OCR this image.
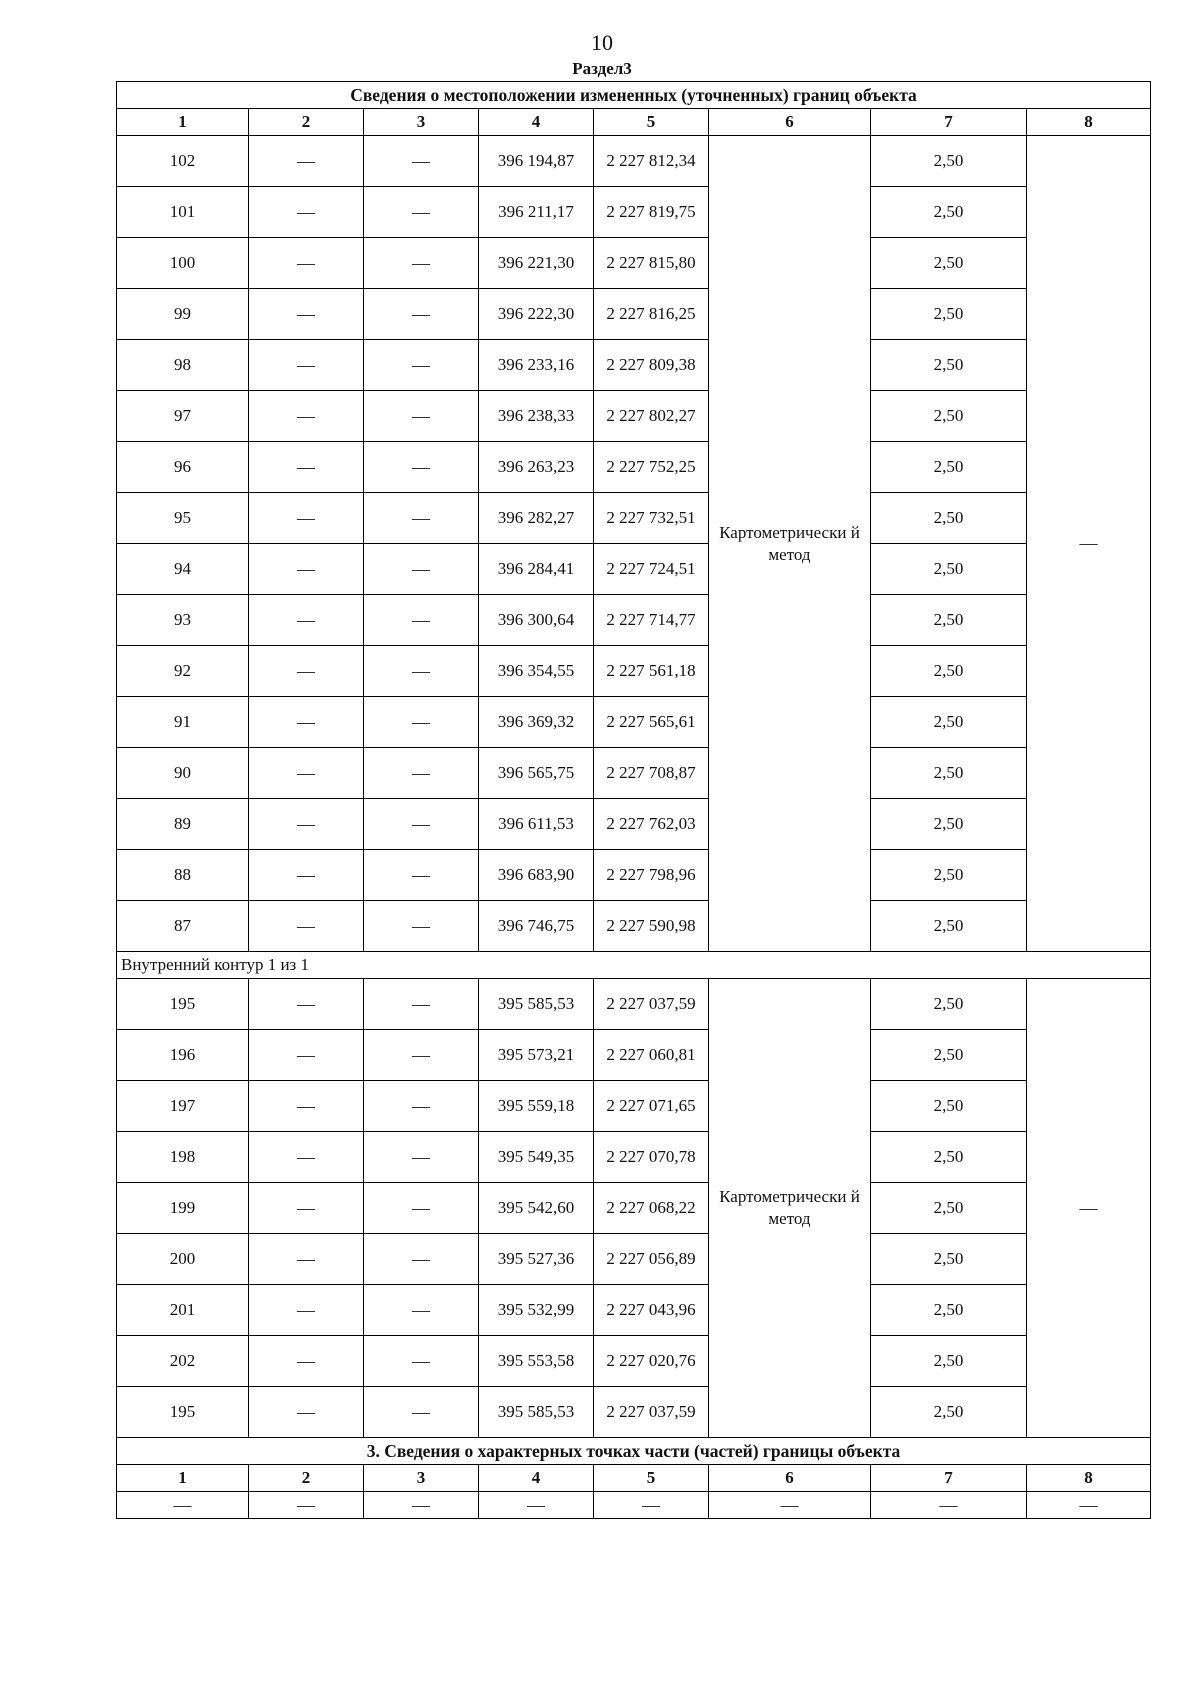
10
Раздел3
Сведения о местоположении измененных (уточненных) границ объекта							
1	2	3	4	5	6	7	8
102	—	—	396 194,87	2 227 812,34	Картометрически й метод	2,50	—
101	—	—	396 211,17	2 227 819,75		2,50	
100	—	—	396 221,30	2 227 815,80		2,50	
99	—	—	396 222,30	2 227 816,25		2,50	
98	—	—	396 233,16	2 227 809,38		2,50	
97	—	—	396 238,33	2 227 802,27		2,50	
96	—	—	396 263,23	2 227 752,25		2,50	
95	—	—	396 282,27	2 227 732,51		2,50	
94	—	—	396 284,41	2 227 724,51		2,50	
93	—	—	396 300,64	2 227 714,77		2,50	
92	—	—	396 354,55	2 227 561,18		2,50	
91	—	—	396 369,32	2 227 565,61		2,50	
90	—	—	396 565,75	2 227 708,87		2,50	
89	—	—	396 611,53	2 227 762,03		2,50	
88	—	—	396 683,90	2 227 798,96		2,50	
87	—	—	396 746,75	2 227 590,98		2,50	
Внутренний контур 1 из 1							
195	—	—	395 585,53	2 227 037,59	Картометрически й метод	2,50	—
196	—	—	395 573,21	2 227 060,81		2,50	
197	—	—	395 559,18	2 227 071,65		2,50	
198	—	—	395 549,35	2 227 070,78		2,50	
199	—	—	395 542,60	2 227 068,22		2,50	
200	—	—	395 527,36	2 227 056,89		2,50	
201	—	—	395 532,99	2 227 043,96		2,50	
202	—	—	395 553,58	2 227 020,76		2,50	
195	—	—	395 585,53	2 227 037,59		2,50	
3. Сведения о характерных точках части (частей) границы объекта							
1	2	3	4	5	6	7	8
—	—	—	—	—	—	—	—
